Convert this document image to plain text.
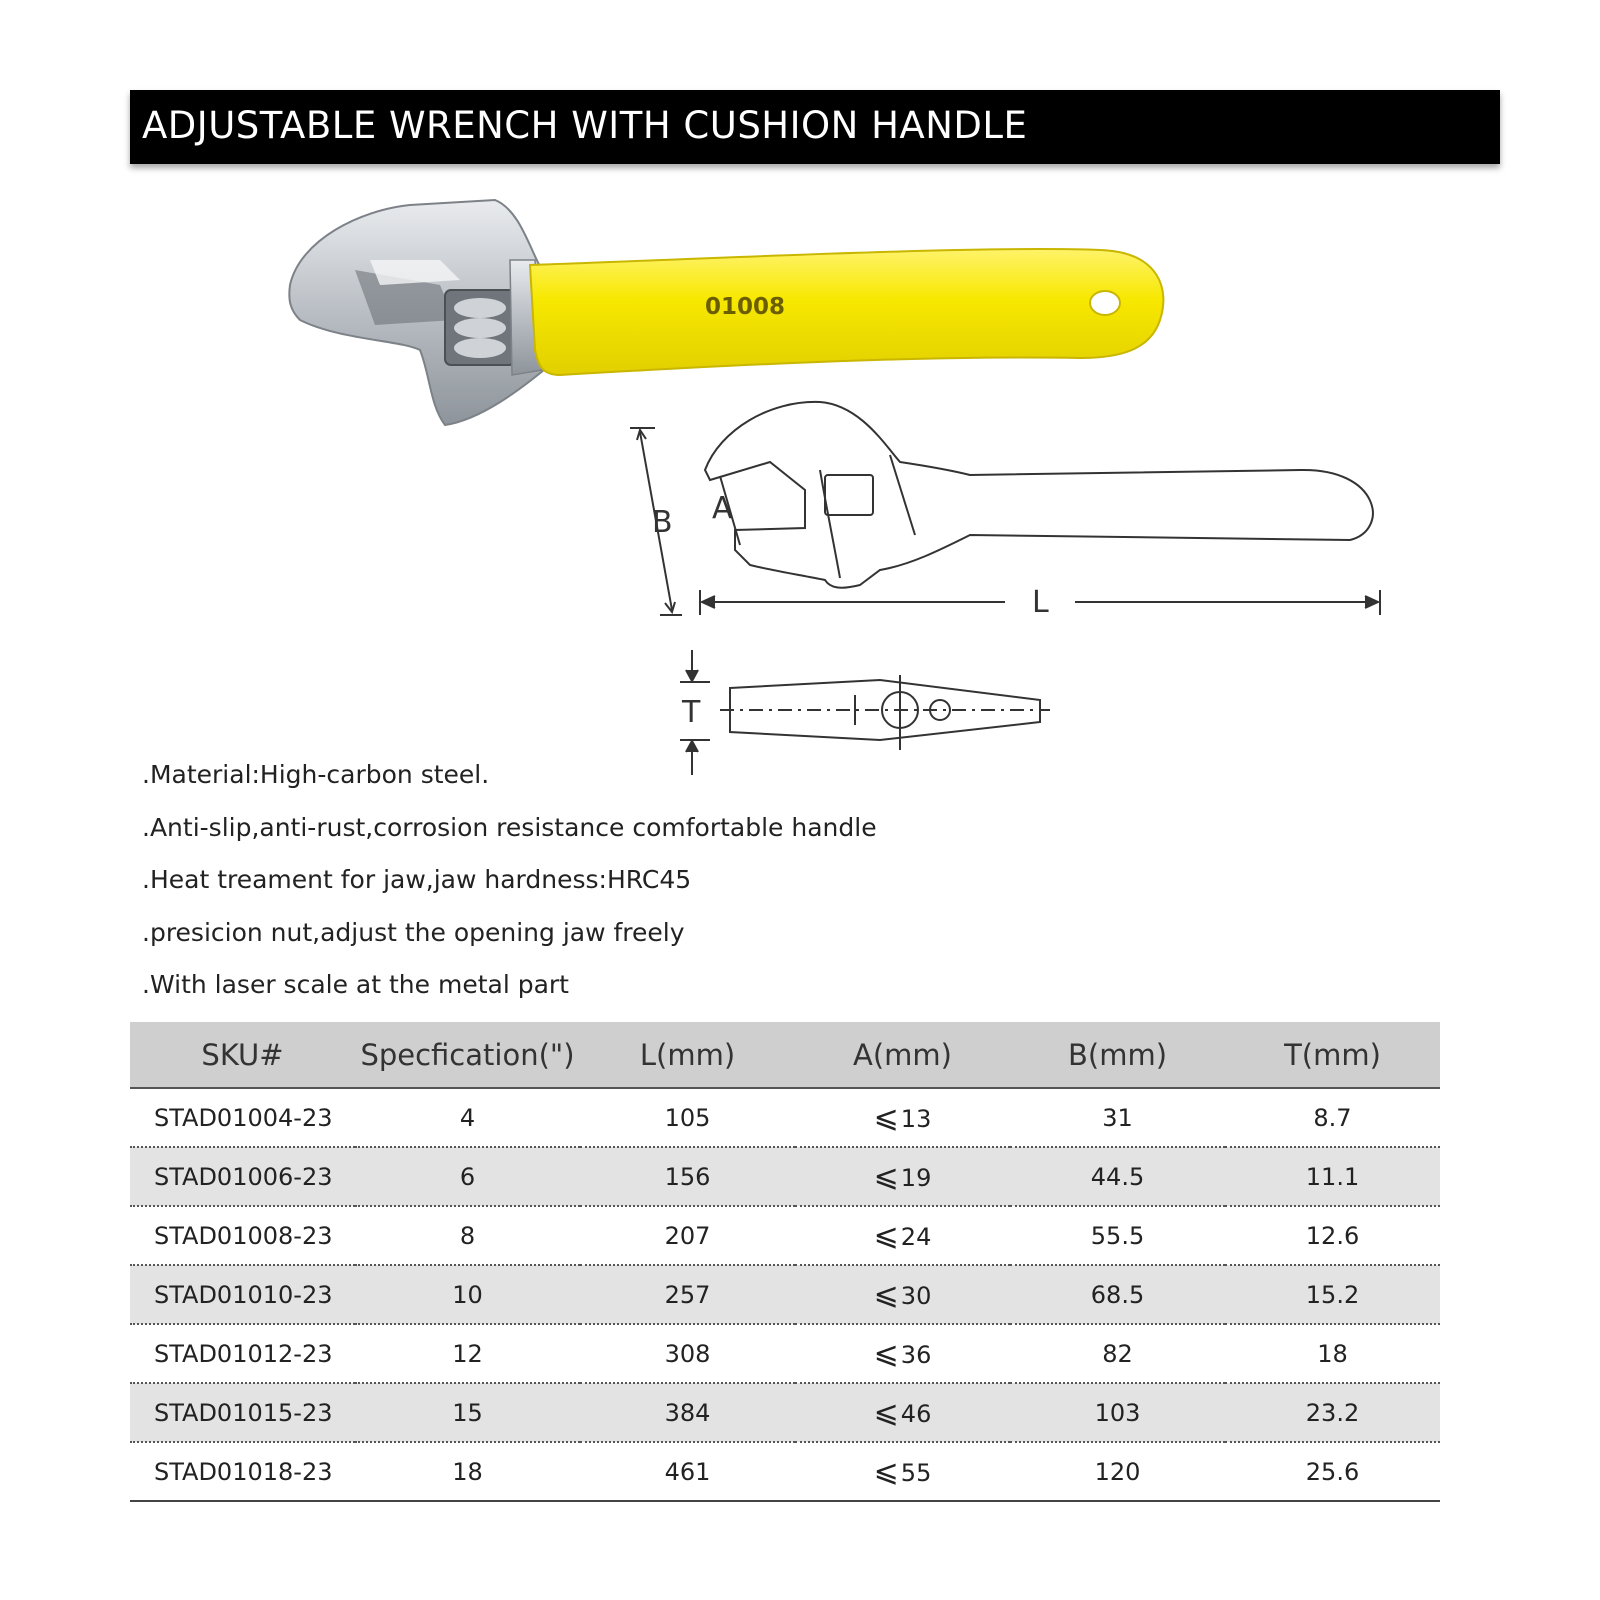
ADJUSTABLE WRENCH WITH CUSHION HANDLE
01008
B A
L
T
.Material:High-carbon steel.
.Anti-slip,anti-rust,corrosion resistance comfortable handle
.Heat treament for jaw,jaw hardness:HRC45
.presicion nut,adjust the opening jaw freely
.With laser scale at the metal part
SKU#	Specfication(")	L(mm)	A(mm)	B(mm)	T(mm)
STAD01004-23	4	105	⩽13	31	8.7
STAD01006-23	6	156	⩽19	44.5	11.1
STAD01008-23	8	207	⩽24	55.5	12.6
STAD01010-23	10	257	⩽30	68.5	15.2
STAD01012-23	12	308	⩽36	82	18
STAD01015-23	15	384	⩽46	103	23.2
STAD01018-23	18	461	⩽55	120	25.6
